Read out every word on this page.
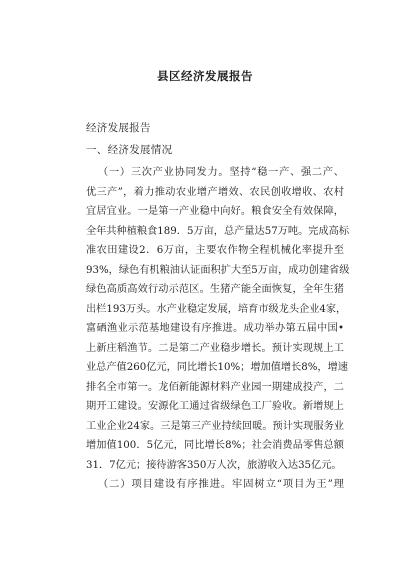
县区经济发展报告
经济发展报告
一、经济发展情况
（一）三次产业协同发力。坚持“稳一产、强二产、
优三产”，着力推动农业增产增效、农民创收增收、农村
宜居宜业。一是第一产业稳中向好。粮食安全有效保障，
全年共种植粮食189．5万亩，总产量达57万吨。完成高标
准农田建设2．6万亩，主要农作物全程机械化率提升至
93%，绿色有机粮油认证面积扩大至5万亩，成功创建省级
绿色高质高效行动示范区。生猪产能全面恢复，全年生猪
出栏193万头。水产业稳定发展，培育市级龙头企业4家，
富硒渔业示范基地建设有序推进。成功举办第五届中国•
上新庄稻渔节。二是第二产业稳步增长。预计实现规上工
业总产值260亿元，同比增长10%；增加值增长8%，增速
排名全市第一。龙佰新能源材料产业园一期建成投产，二
期开工建设。安源化工通过省级绿色工厂验收。新增规上
工业企业24家。三是第三产业持续回暖。预计实现服务业
增加值100．5亿元，同比增长8%；社会消费品零售总额
31．7亿元；接待游客350万人次，旅游收入达35亿元。
（二）项目建设有序推进。牢固树立“项目为王”理
